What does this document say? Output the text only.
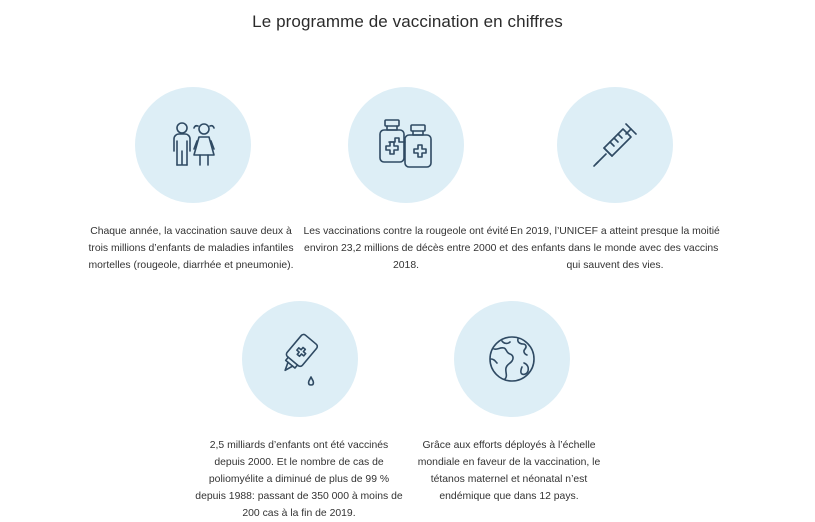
Le programme de vaccination en chiffres
Chaque année, la vaccination sauve deux à trois millions d’enfants de maladies infantiles mortelles (rougeole, diarrhée et pneumonie).
Les vaccinations contre la rougeole ont évité environ 23,2 millions de décès entre 2000 et 2018.
En 2019, l’UNICEF a atteint presque la moitié des enfants dans le monde avec des vaccins qui sauvent des vies.
2,5 milliards d’enfants ont été vaccinés depuis 2000. Et le nombre de cas de poliomyélite a diminué de plus de 99 % depuis 1988: passant de 350 000 à moins de 200 cas à la fin de 2019.
Grâce aux efforts déployés à l’échelle mondiale en faveur de la vaccination, le tétanos maternel et néonatal n’est endémique que dans 12 pays.
